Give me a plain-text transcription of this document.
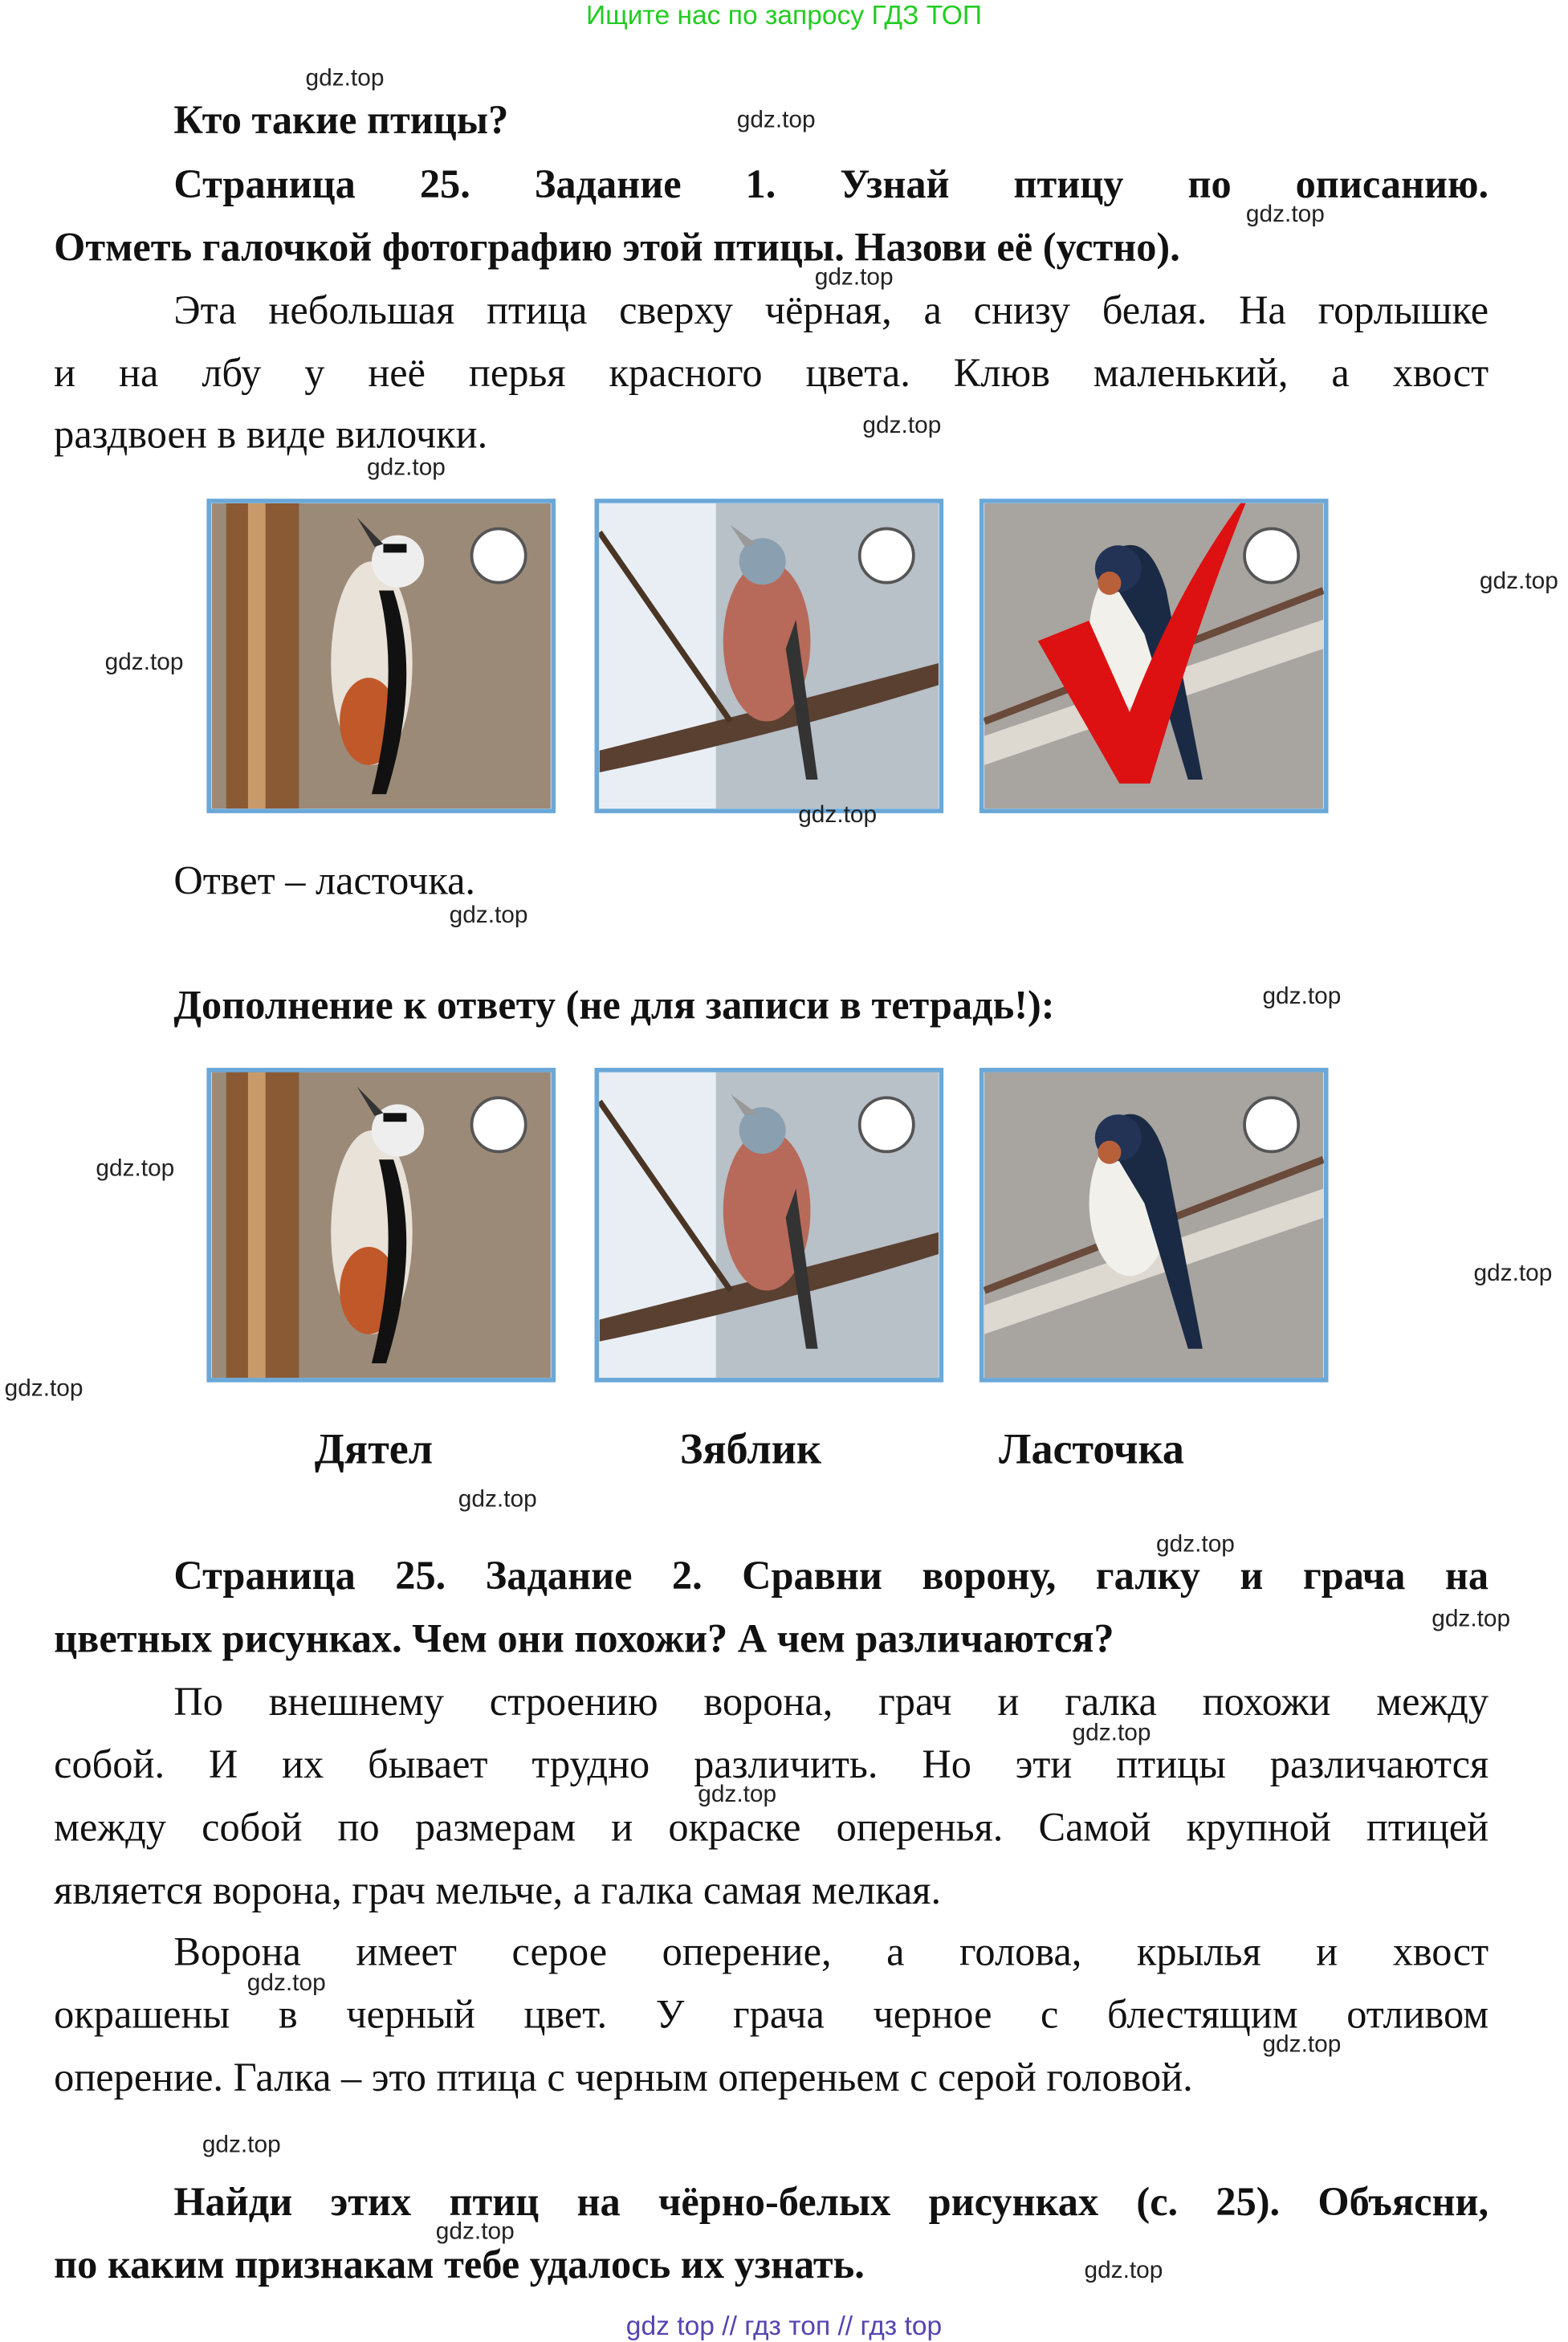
Ищите нас по запросу ГДЗ ТОП
Кто такие птицы?
Страница 25. Задание 1. Узнай птицу по описанию.
Отметь галочкой фотографию этой птицы. Назови её (устно).
Эта небольшая птица сверху чёрная, а снизу белая. На горлышке
и на лбу у неё перья красного цвета. Клюв маленький, а хвост
раздвоен в виде вилочки.
Ответ – ласточка.
Дополнение к ответу (не для записи в тетрадь!):
Дятел	Зяблик	Ласточка
Страница 25. Задание 2. Сравни ворону, галку и грача на
цветных рисунках. Чем они похожи? А чем различаются?
По внешнему строению ворона, грач и галка похожи между
собой. И их бывает трудно различить. Но эти птицы различаются
между собой по размерам и окраске оперенья. Самой крупной птицей
является ворона, грач мельче, а галка самая мелкая.
Ворона имеет серое оперение, а голова, крылья и хвост
окрашены в черный цвет. У грача черное с блестящим отливом
оперение. Галка – это птица с черным опереньем с серой головой.
Найди этих птиц на чёрно-белых рисунках (с. 25). Объясни,
по каким признакам тебе удалось их узнать.
gdz.top
gdz.top
gdz.top
gdz.top
gdz.top
gdz.top
gdz.top
gdz.top
gdz.top
gdz.top
gdz.top
gdz.top
gdz.top
gdz.top
gdz.top
gdz.top
gdz.top
gdz.top
gdz.top
gdz.top
gdz.top
gdz.top
gdz.top
gdz.top
gdz top // гдз топ // гдз top
